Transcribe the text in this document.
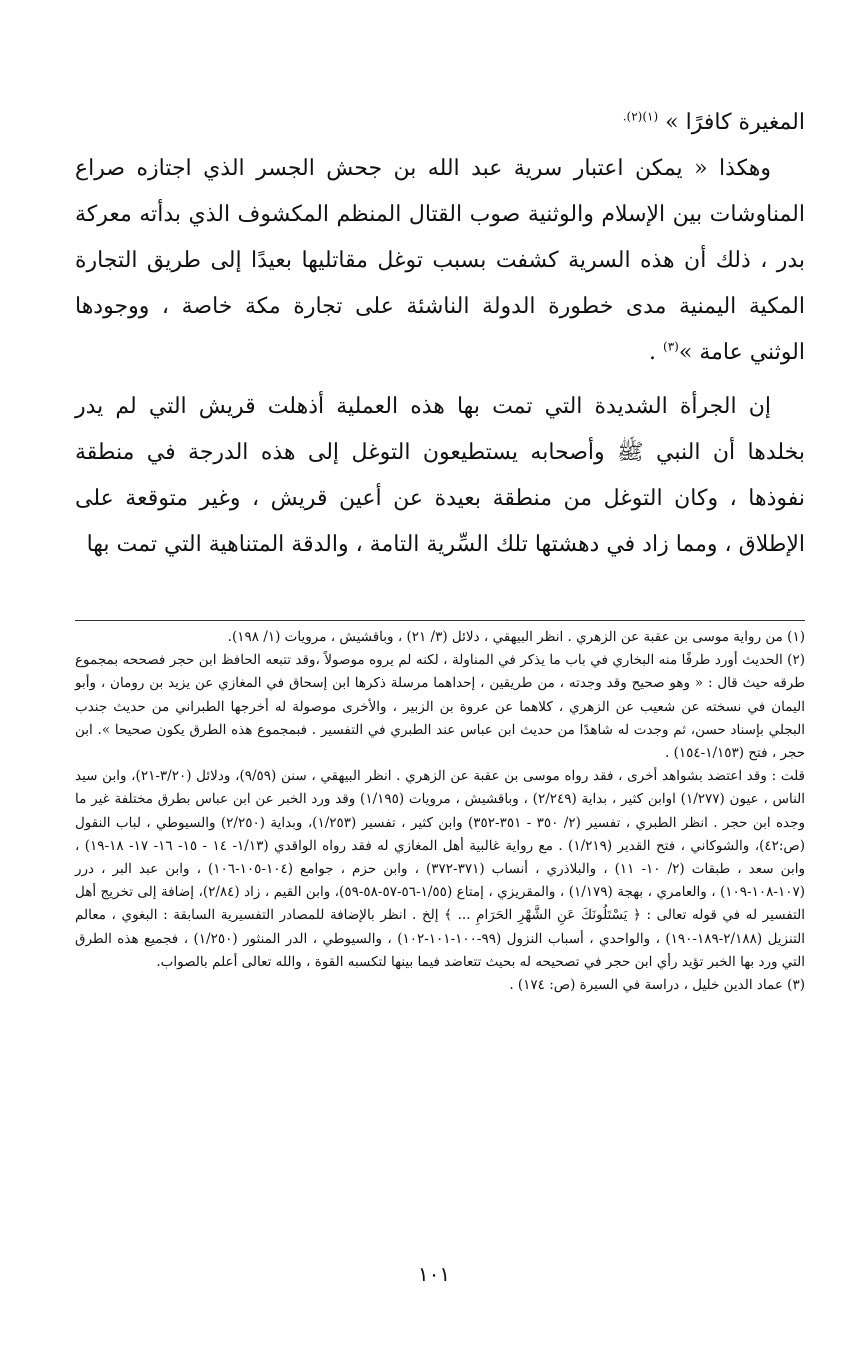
المغيرة كافرًا » $^{(١)(٢).}$

وهكذا « يمكن اعتبار سرية عبد الله بن جحش الجسر الذي اجتازه صراع المناوشات بين الإسلام والوثنية صوب القتال المنظم المكشوف الذي بدأته معركة بدر ، ذلك أن هذه السرية كشفت بسبب توغل مقاتليها بعيدًا إلى طريق التجارة المكية اليمنية مدى خطورة الدولة الناشئة على تجارة مكة خاصة ، ووجودها الوثني عامة »$^{(٣)}$ .

إن الجرأة الشديدة التي تمت بها هذه العملية أذهلت قريش التي لم يدر بخلدها أن النبي ﷺ وأصحابه يستطيعون التوغل إلى هذه الدرجة في منطقة نفوذها ، وكان التوغل من منطقة بعيدة عن أعين قريش ، وغير متوقعة على الإطلاق ، ومما زاد في دهشتها تلك السِّرية التامة ، والدقة المتناهية التي تمت بها

(١) من رواية موسى بن عقبة عن الزهري . انظر البيهقي ، دلائل (٣/ ٢١) ، وباقشيش ، مرويات (١/ ١٩٨).

(٢) الحديث أورد طرفًا منه البخاري في باب ما يذكر في المناولة ، لكنه لم يروه موصولاً ،وقد تتبعه الحافظ ابن حجر فصححه بمجموع طرقه حيث قال : « وهو صحيح وقد وجدته ، من طريقين ، إحداهما مرسلة ذكرها ابن إسحاق في المغازي عن يزيد بن رومان ، وأبو اليمان في نسخته عن شعيب عن الزهري ، كلاهما عن عروة بن الزبير ، والأخرى موصولة له أخرجها الطبراني من حديث جندب البجلي بإسناد حسن، ثم وجدت له شاهدًا من حديث ابن عباس عند الطبري في التفسير . فبمجموع هذه الطرق يكون صحيحا ». ابن حجر ، فتح (١/١٥٣-١٥٤) .

قلت : وقد اعتضد بشواهد أخرى ، فقد رواه موسى بن عقبة عن الزهري . انظر البيهقي ، سنن (٩/٥٩)، ودلائل (٣/٢٠-٢١)، وابن سيد الناس ، عيون (١/٢٧٧) اوابن كثير ، بداية (٢/٢٤٩) ، وباقشيش ، مرويات (١/١٩٥) وقد ورد الخبر عن ابن عباس بطرق مختلفة غير ما وجده ابن حجر . انظر الطبري ، تفسير (٢/ ٣٥٠ - ٣٥١-٣٥٢) وابن كثير ، تفسير (١/٢٥٣)، وبداية (٢/٢٥٠) والسيوطي ، لباب النقول (ص:٤٢)، والشوكاني ، فتح القدير (١/٢١٩) . مع رواية غالبية أهل المغازي له فقد رواه الواقدي (١/١٣- ١٤ - ١٥- ١٦- ١٧- ١٨-١٩) ، وابن سعد ، طبقات (٢/ ١٠- ١١) ، والبلاذري ، أنساب (٣٧١-٣٧٢) ، وابن حزم ، جوامع (١٠٤-١٠٥-١٠٦) ، وابن عبد البر ، درر (١٠٧-١٠٨-١٠٩) ، والعامري ، بهجة (١/١٧٩) ، والمقريزي ، إمتاع (١/٥٥-٥٦-٥٧-٥٨-٥٩)، وابن القيم ، زاد (٢/٨٤)، إضافة إلى تخريج أهل التفسير له في قوله تعالى : ﴿ يَسْتَلُونَكَ عَنِ الشَّهْرِ الحَرَامِ ... ﴾ إلخ . انظر بالإضافة للمصادر التفسيرية السابقة : البغوي ، معالم التنزيل (٢/١٨٨-١٨٩-١٩٠) ، والواحدي ، أسباب النزول (٩٩-١٠٠-١٠١-١٠٢) ، والسيوطي ، الدر المنثور (١/٢٥٠) ، فجميع هذه الطرق التي ورد بها الخبر تؤيد رأي ابن حجر في تصحيحه له بحيث تتعاضد فيما بينها لتكسبه القوة ، والله تعالى أعلم بالصواب.

(٣) عماد الدين خليل ، دراسة في السيرة (ص: ١٧٤) .

١٠١
